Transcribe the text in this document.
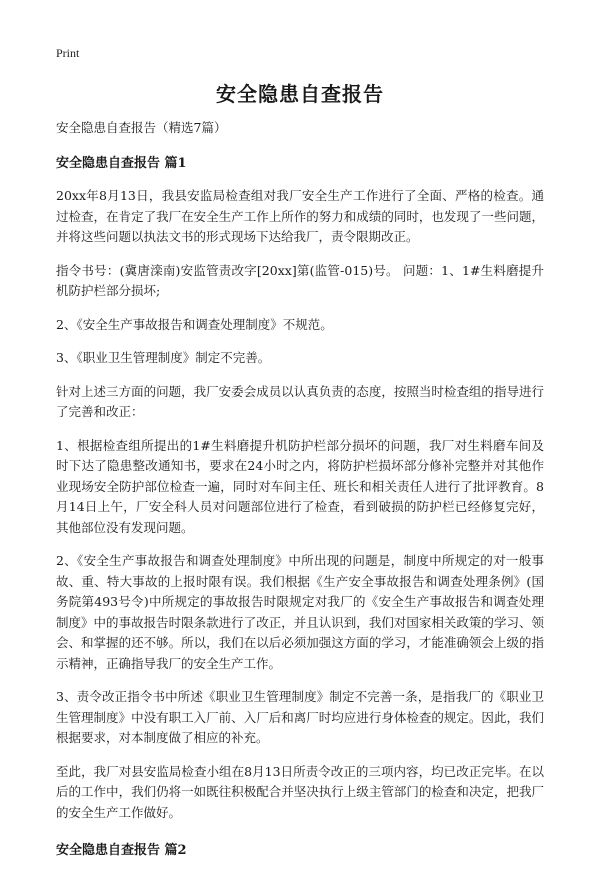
Print
安全隐患自查报告
安全隐患自查报告（精选7篇）
安全隐患自查报告 篇1

20xx年8月13日，我县安监局检查组对我厂安全生产工作进行了全面、严格的检查。通过检查，在肯定了我厂在安全生产工作上所作的努力和成绩的同时，也发现了一些问题，并将这些问题以执法文书的形式现场下达给我厂，责令限期改正。

指令书号：(冀唐滦南)安监管责改字[20xx]第(监管-015)号。 问题：1、1#生料磨提升机防护栏部分损坏;

2、《安全生产事故报告和调查处理制度》不规范。

3、《职业卫生管理制度》制定不完善。

针对上述三方面的问题，我厂安委会成员以认真负责的态度，按照当时检查组的指导进行了完善和改正：

1、根据检查组所提出的1#生料磨提升机防护栏部分损坏的问题，我厂对生料磨车间及时下达了隐患整改通知书，要求在24小时之内，将防护栏损坏部分修补完整并对其他作业现场安全防护部位检查一遍，同时对车间主任、班长和相关责任人进行了批评教育。8月14日上午，厂安全科人员对问题部位进行了检查，看到破损的防护栏已经修复完好，其他部位没有发现问题。

2、《安全生产事故报告和调查处理制度》中所出现的问题是，制度中所规定的对一般事故、重、特大事故的上报时限有误。我们根据《生产安全事故报告和调查处理条例》(国务院第493号令)中所规定的事故报告时限规定对我厂的《安全生产事故报告和调查处理制度》中的事故报告时限条款进行了改正，并且认识到，我们对国家相关政策的学习、领会、和掌握的还不够。所以，我们在以后必须加强这方面的学习，才能准确领会上级的指示精神，正确指导我厂的安全生产工作。

3、责令改正指令书中所述《职业卫生管理制度》制定不完善一条，是指我厂的《职业卫生管理制度》中没有职工入厂前、入厂后和离厂时均应进行身体检查的规定。因此，我们根据要求，对本制度做了相应的补充。

至此，我厂对县安监局检查小组在8月13日所责令改正的三项内容，均已改正完毕。在以后的工作中，我们仍将一如既往积极配合并坚决执行上级主管部门的检查和决定，把我厂的安全生产工作做好。

安全隐患自查报告 篇2
